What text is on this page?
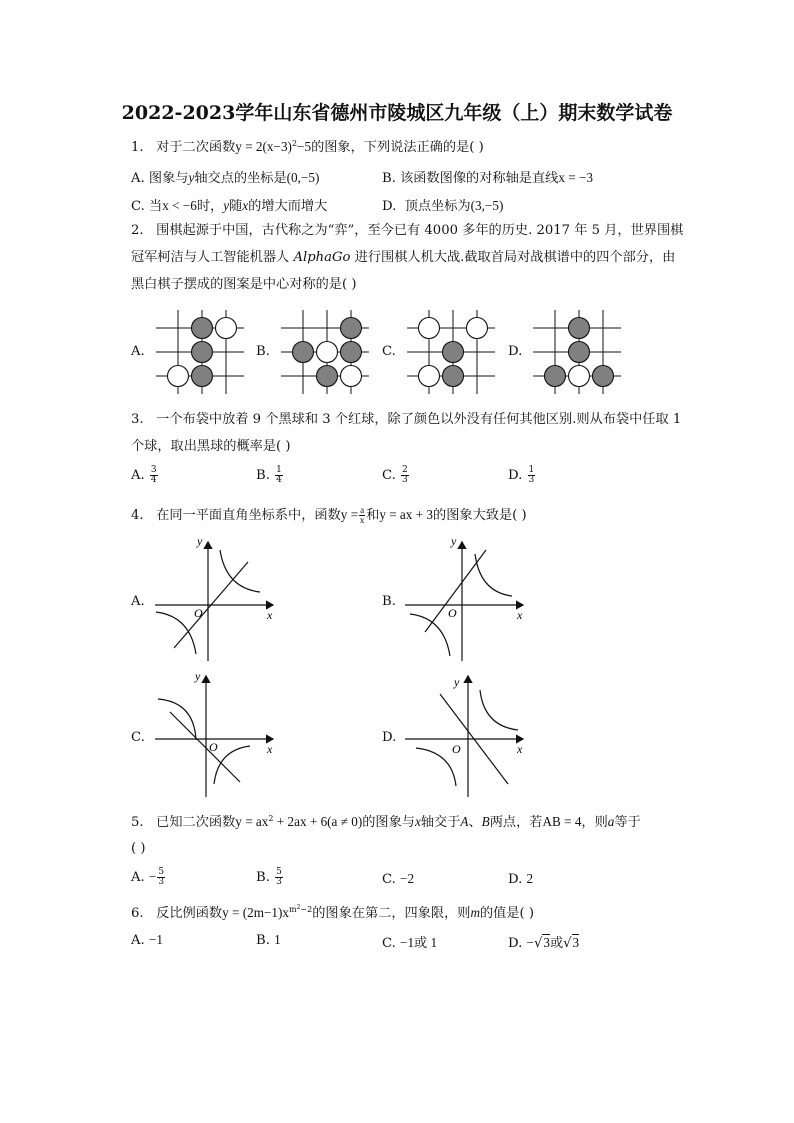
2022-2023学年山东省德州市陵城区九年级（上）期末数学试卷
1. 对于二次函数$y = 2(x-3)^2-5$的图象，下列说法正确的是( )
A. 图象与y轴交点的坐标是(0,−5)	B. 该函数图像的对称轴是直线x = −3
C. 当x < −6时，y随x的增大而增大	D. 顶点坐标为(3,−5)
2. 围棋起源于中国，古代称之为“弈”，至今已有 4000 多年的历史. 2017 年 5 月，世界围棋
冠军柯洁与人工智能机器人 AlphaGo 进行围棋人机大战.截取首局对战棋谱中的四个部分，由
黑白棋子摆成的图案是中心对称的是( )
A.	B.	C.	D.
3. 一个布袋中放着 9 个黑球和 3 个红球，除了颜色以外没有任何其他区别.则从布袋中任取 1
个球，取出黑球的概率是( )
A. $\frac{3}{4}$	B. $\frac{1}{4}$	C. $\frac{2}{3}$	D. $\frac{1}{3}$
4. 在同一平面直角坐标系中，函数$y = \frac{a}{x}$ 和y = ax + 3的图象大致是( )
A.	B.
C.	D.
y
x
O
y
x
O
y
x
O
y
x
O
5. 已知二次函数$y = ax^2 + 2ax + 6(a \ne 0)$的图象与x轴交于A、B两点，若AB = 4，则a等于
( )
A. − $\frac{5}{3}$	B. $\frac{5}{3}$	C. −2	D. 2
6. 反比例函数$y = (2m-1)x^{m^2-2}$的图象在第二，四象限，则m的值是( )
A. −1	B. 1	C. −1或 1	D. −√3或√3
